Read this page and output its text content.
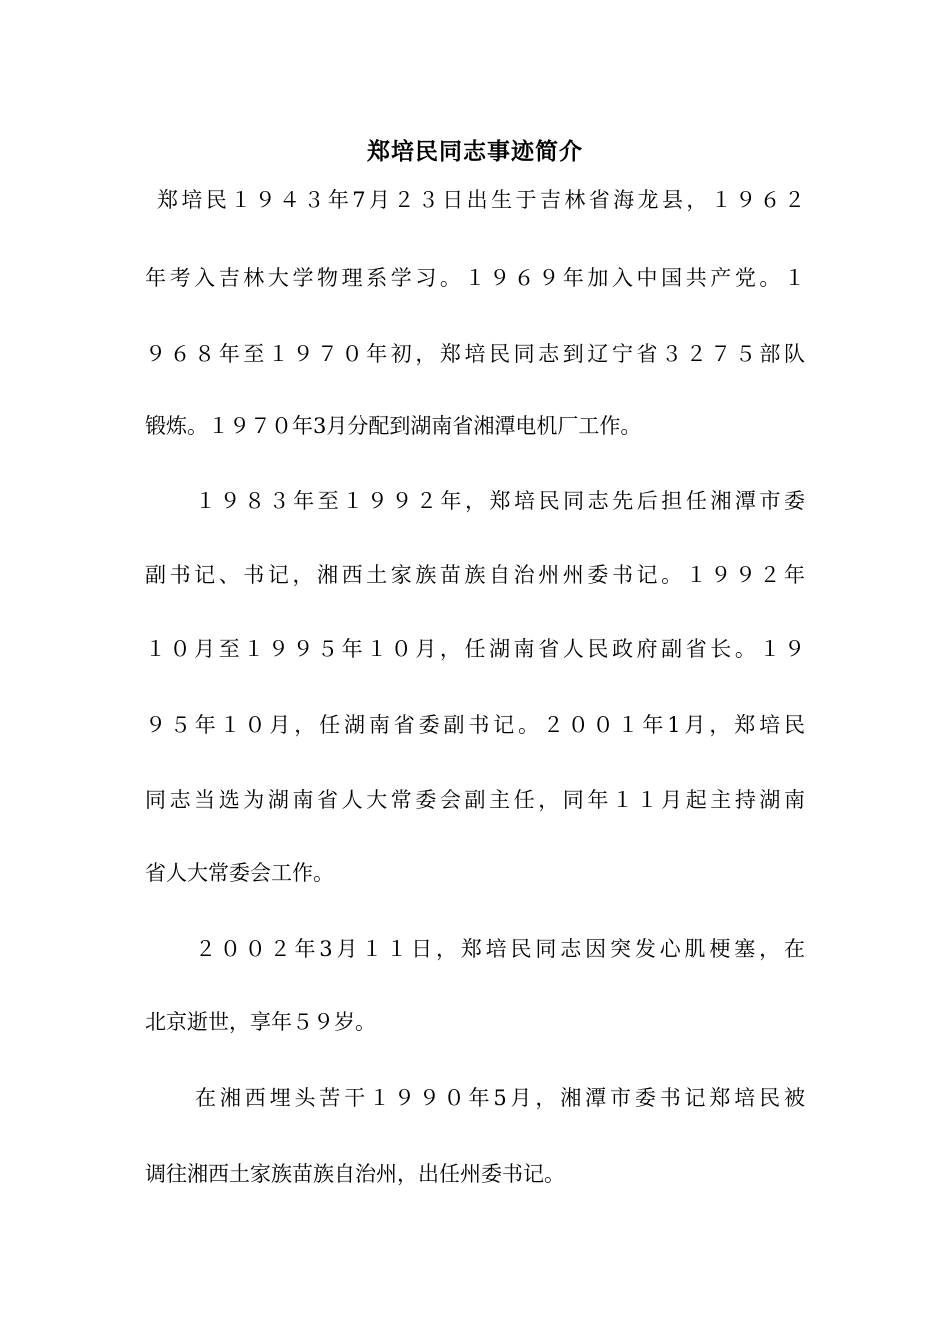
郑培民同志事迹简介
郑培民１９４３年7月２３日出生于吉林省海龙县，１９６２
年考入吉林大学物理系学习。１９６９年加入中国共产党。１
９６８年至１９７０年初，郑培民同志到辽宁省３２７５部队
锻炼。１９７０年3月分配到湖南省湘潭电机厂工作。
１９８３年至１９９２年，郑培民同志先后担任湘潭市委
副书记、书记，湘西土家族苗族自治州州委书记。１９９２年
１０月至１９９５年１０月，任湖南省人民政府副省长。１９
９５年１０月，任湖南省委副书记。２００１年1月，郑培民
同志当选为湖南省人大常委会副主任，同年１１月起主持湖南
省人大常委会工作。
２００２年3月１１日，郑培民同志因突发心肌梗塞，在
北京逝世，享年５９岁。
在湘西埋头苦干１９９０年5月，湘潭市委书记郑培民被
调往湘西土家族苗族自治州，出任州委书记。
